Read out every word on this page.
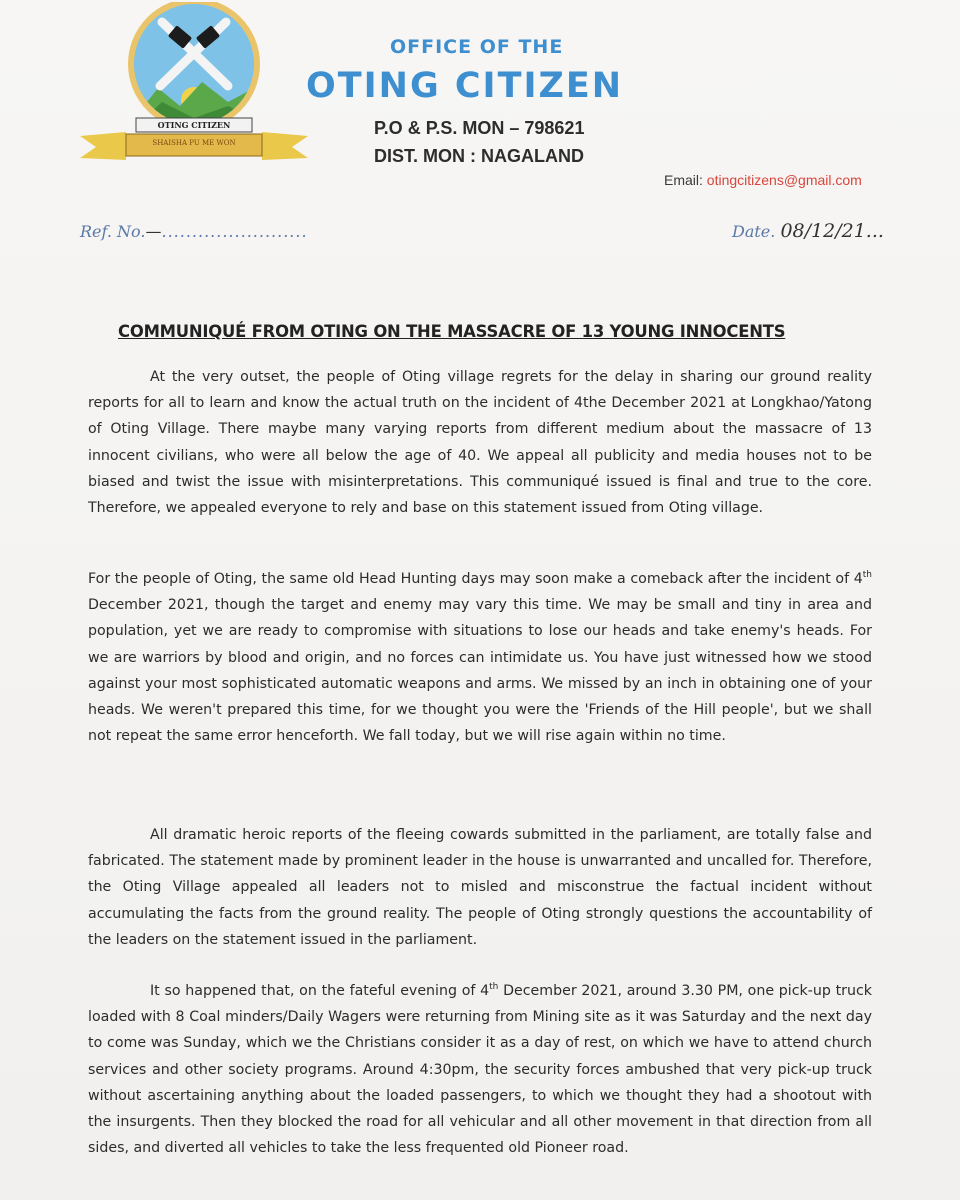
OTING CITIZEN
SHAISHA PU ME WON
OFFICE OF THE
OTING CITIZEN
P.O & P.S. MON – 798621
DIST. MON : NAGALAND
Email: otingcitizens@gmail.com
Ref. No.—........................	Date. 08/12/21...
COMMUNIQUÉ FROM OTING ON THE MASSACRE OF 13 YOUNG INNOCENTS

At the very outset, the people of Oting village regrets for the delay in sharing our ground reality reports for all to learn and know the actual truth on the incident of 4the December 2021 at Longkhao/Yatong of Oting Village. There maybe many varying reports from different medium about the massacre of 13 innocent civilians, who were all below the age of 40. We appeal all publicity and media houses not to be biased and twist the issue with misinterpretations. This communiqué issued is final and true to the core. Therefore, we appealed everyone to rely and base on this statement issued from Oting village.

For the people of Oting, the same old Head Hunting days may soon make a comeback after the incident of 4th December 2021, though the target and enemy may vary this time. We may be small and tiny in area and population, yet we are ready to compromise with situations to lose our heads and take enemy's heads. For we are warriors by blood and origin, and no forces can intimidate us. You have just witnessed how we stood against your most sophisticated automatic weapons and arms. We missed by an inch in obtaining one of your heads. We weren't prepared this time, for we thought you were the 'Friends of the Hill people', but we shall not repeat the same error henceforth. We fall today, but we will rise again within no time.

All dramatic heroic reports of the fleeing cowards submitted in the parliament, are totally false and fabricated. The statement made by prominent leader in the house is unwarranted and uncalled for. Therefore, the Oting Village appealed all leaders not to misled and misconstrue the factual incident without accumulating the facts from the ground reality. The people of Oting strongly questions the accountability of the leaders on the statement issued in the parliament.

It so happened that, on the fateful evening of 4th December 2021, around 3.30 PM, one pick-up truck loaded with 8 Coal minders/Daily Wagers were returning from Mining site as it was Saturday and the next day to come was Sunday, which we the Christians consider it as a day of rest, on which we have to attend church services and other society programs. Around 4:30pm, the security forces ambushed that very pick-up truck without ascertaining anything about the loaded passengers, to which we thought they had a shootout with the insurgents. Then they blocked the road for all vehicular and all other movement in that direction from all sides, and diverted all vehicles to take the less frequented old Pioneer road.
